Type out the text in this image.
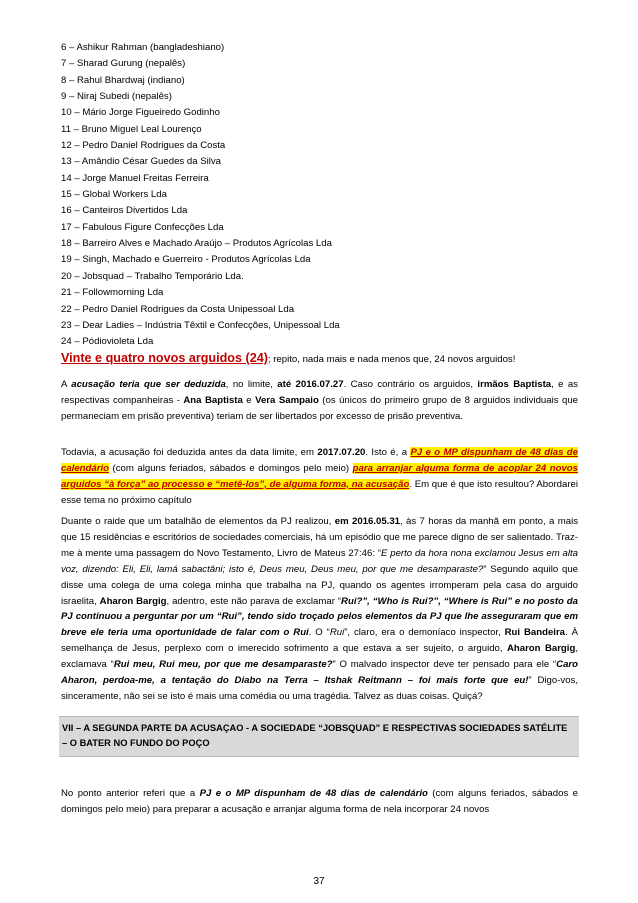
6 – Ashikur Rahman (bangladeshiano)
7 – Sharad Gurung (nepalês)
8 – Rahul Bhardwaj (indiano)
9 – Niraj Subedi (nepalês)
10 – Mário Jorge Figueiredo Godinho
11 – Bruno Miguel Leal Lourenço
12 – Pedro Daniel Rodrigues da Costa
13 – Amândio César Guedes da Silva
14 – Jorge Manuel Freitas Ferreira
15 – Global Workers Lda
16 – Canteiros Divertidos Lda
17 – Fabulous Figure Confecções Lda
18 – Barreiro Alves e Machado Araújo – Produtos Agrícolas Lda
19 – Singh, Machado e Guerreiro - Produtos Agrícolas Lda
20 – Jobsquad – Trabalho Temporário Lda.
21 – Followmorning Lda
22 – Pedro Daniel Rodrigues da Costa Unipessoal Lda
23 – Dear Ladies – Indústria Têxtil e Confecções, Unipessoal Lda
24 – Pódiovioleta Lda
Vinte e quatro novos arguidos (24); repito, nada mais e nada menos que, 24 novos arguidos!
A acusação teria que ser deduzida, no limite, até 2016.07.27. Caso contrário os arguidos, irmãos Baptista, e as respectivas companheiras - Ana Baptista e Vera Sampaio (os únicos do primeiro grupo de 8 arguidos individuais que permaneciam em prisão preventiva) teriam de ser libertados por excesso de prisão preventiva.
Todavia, a acusação foi deduzida antes da data limite, em 2017.07.20. Isto é, a PJ e o MP dispunham de 48 dias de calendário (com alguns feriados, sábados e domingos pelo meio) para arranjar alguma forma de acoplar 24 novos arguidos “à força” ao processo e “metê-los”, de alguma forma, na acusação. Em que é que isto resultou? Abordarei esse tema no próximo capítulo
Duante o raide que um batalhão de elementos da PJ realizou, em 2016.05.31, às 7 horas da manhã em ponto, a mais que 15 residências e escritórios de sociedades comerciais, há um episódio que me parece digno de ser salientado. Traz-me à mente uma passagem do Novo Testamento, Livro de Mateus 27:46: “E perto da hora nona exclamou Jesus em alta voz, dizendo: Eli, Eli, lamá sabactâni; isto é, Deus meu, Deus meu, por que me desamparaste?” Segundo aquilo que disse uma colega de uma colega minha que trabalha na PJ, quando os agentes irromperam pela casa do arguido israelita, Aharon Bargig, adentro, este não parava de exclamar “Rui?”, “Who is Rui?”, “Where is Rui” e no posto da PJ continuou a perguntar por um “Rui”, tendo sido troçado pelos elementos da PJ que lhe asseguraram que em breve ele teria uma oportunidade de falar com o Rui. O “Rui”, claro, era o demoníaco inspector, Rui Bandeira. À semelhança de Jesus, perplexo com o imerecido sofrimento a que estava a ser sujeito, o arguido, Aharon Bargig, exclamava “Rui meu, Rui meu, por que me desamparaste?” O malvado inspector deve ter pensado para ele “Caro Aharon, perdoa-me, a tentação do Diabo na Terra – Itshak Reitmann – foi mais forte que eu!” Digo-vos, sinceramente, não sei se isto é mais uma comédia ou uma tragédia. Talvez as duas coisas. Quiçá?
VII – A SEGUNDA PARTE DA ACUSAÇAO - A SOCIEDADE “JOBSQUAD” E RESPECTIVAS SOCIEDADES SATÉLITE – O BATER NO FUNDO DO POÇO
No ponto anterior referi que a PJ e o MP dispunham de 48 dias de calendário (com alguns feriados, sábados e domingos pelo meio) para preparar a acusação e arranjar alguma forma de nela incorporar 24 novos
37
